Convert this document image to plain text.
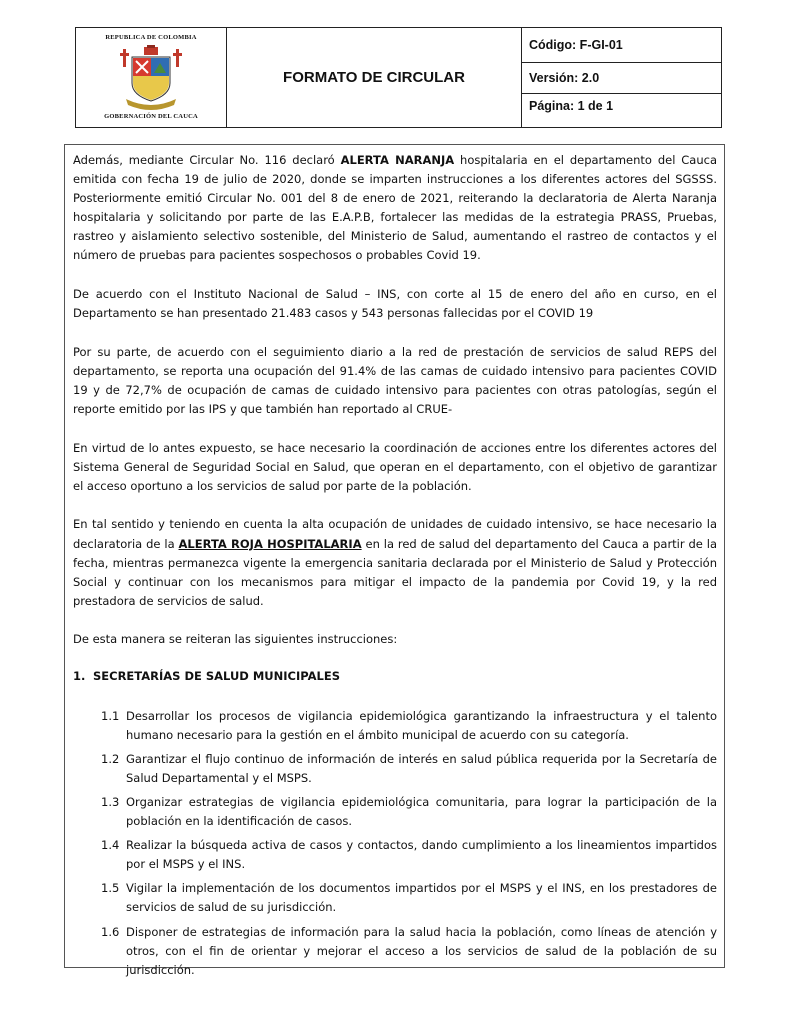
REPUBLICA DE COLOMBIA
GOBERNACIÓN DEL CAUCA
FORMATO DE CIRCULAR
Código: F-GI-01
Versión: 2.0
Página: 1 de 1

Además, mediante Circular No. 116 declaró ALERTA NARANJA hospitalaria en el departamento del Cauca emitida con fecha 19 de julio de 2020, donde se imparten instrucciones a los diferentes actores del SGSSS. Posteriormente emitió Circular No. 001 del 8 de enero de 2021, reiterando la declaratoria de Alerta Naranja hospitalaria y solicitando por parte de las E.A.P.B, fortalecer las medidas de la estrategia PRASS, Pruebas, rastreo y aislamiento selectivo sostenible, del Ministerio de Salud, aumentando el rastreo de contactos y el número de pruebas para pacientes sospechosos o probables Covid 19.

De acuerdo con el Instituto Nacional de Salud – INS, con corte al 15 de enero del año en curso, en el Departamento se han presentado 21.483 casos y 543 personas fallecidas por el COVID 19

Por su parte, de acuerdo con el seguimiento diario a la red de prestación de servicios de salud REPS del departamento, se reporta una ocupación del 91.4% de las camas de cuidado intensivo para pacientes COVID 19 y de 72,7% de ocupación de camas de cuidado intensivo para pacientes con otras patologías, según el reporte emitido por las IPS y que también han reportado al CRUE-

En virtud de lo antes expuesto, se hace necesario la coordinación de acciones entre los diferentes actores del Sistema General de Seguridad Social en Salud, que operan en el departamento, con el objetivo de garantizar el acceso oportuno a los servicios de salud por parte de la población.

En tal sentido y teniendo en cuenta la alta ocupación de unidades de cuidado intensivo, se hace necesario la declaratoria de la ALERTA ROJA HOSPITALARIA en la red de salud del departamento del Cauca a partir de la fecha, mientras permanezca vigente la emergencia sanitaria declarada por el Ministerio de Salud y Protección Social y continuar con los mecanismos para mitigar el impacto de la pandemia por Covid 19, y la red prestadora de servicios de salud.

De esta manera se reiteran las siguientes instrucciones:

1. SECRETARÍAS DE SALUD MUNICIPALES
1.1 Desarrollar los procesos de vigilancia epidemiológica garantizando la infraestructura y el talento humano necesario para la gestión en el ámbito municipal de acuerdo con su categoría.
1.2 Garantizar el flujo continuo de información de interés en salud pública requerida por la Secretaría de Salud Departamental y el MSPS.
1.3 Organizar estrategias de vigilancia epidemiológica comunitaria, para lograr la participación de la población en la identificación de casos.
1.4 Realizar la búsqueda activa de casos y contactos, dando cumplimiento a los lineamientos impartidos por el MSPS y el INS.
1.5 Vigilar la implementación de los documentos impartidos por el MSPS y el INS, en los prestadores de servicios de salud de su jurisdicción.
1.6 Disponer de estrategias de información para la salud hacia la población, como líneas de atención y otros, con el fin de orientar y mejorar el acceso a los servicios de salud de la población de su jurisdicción.
